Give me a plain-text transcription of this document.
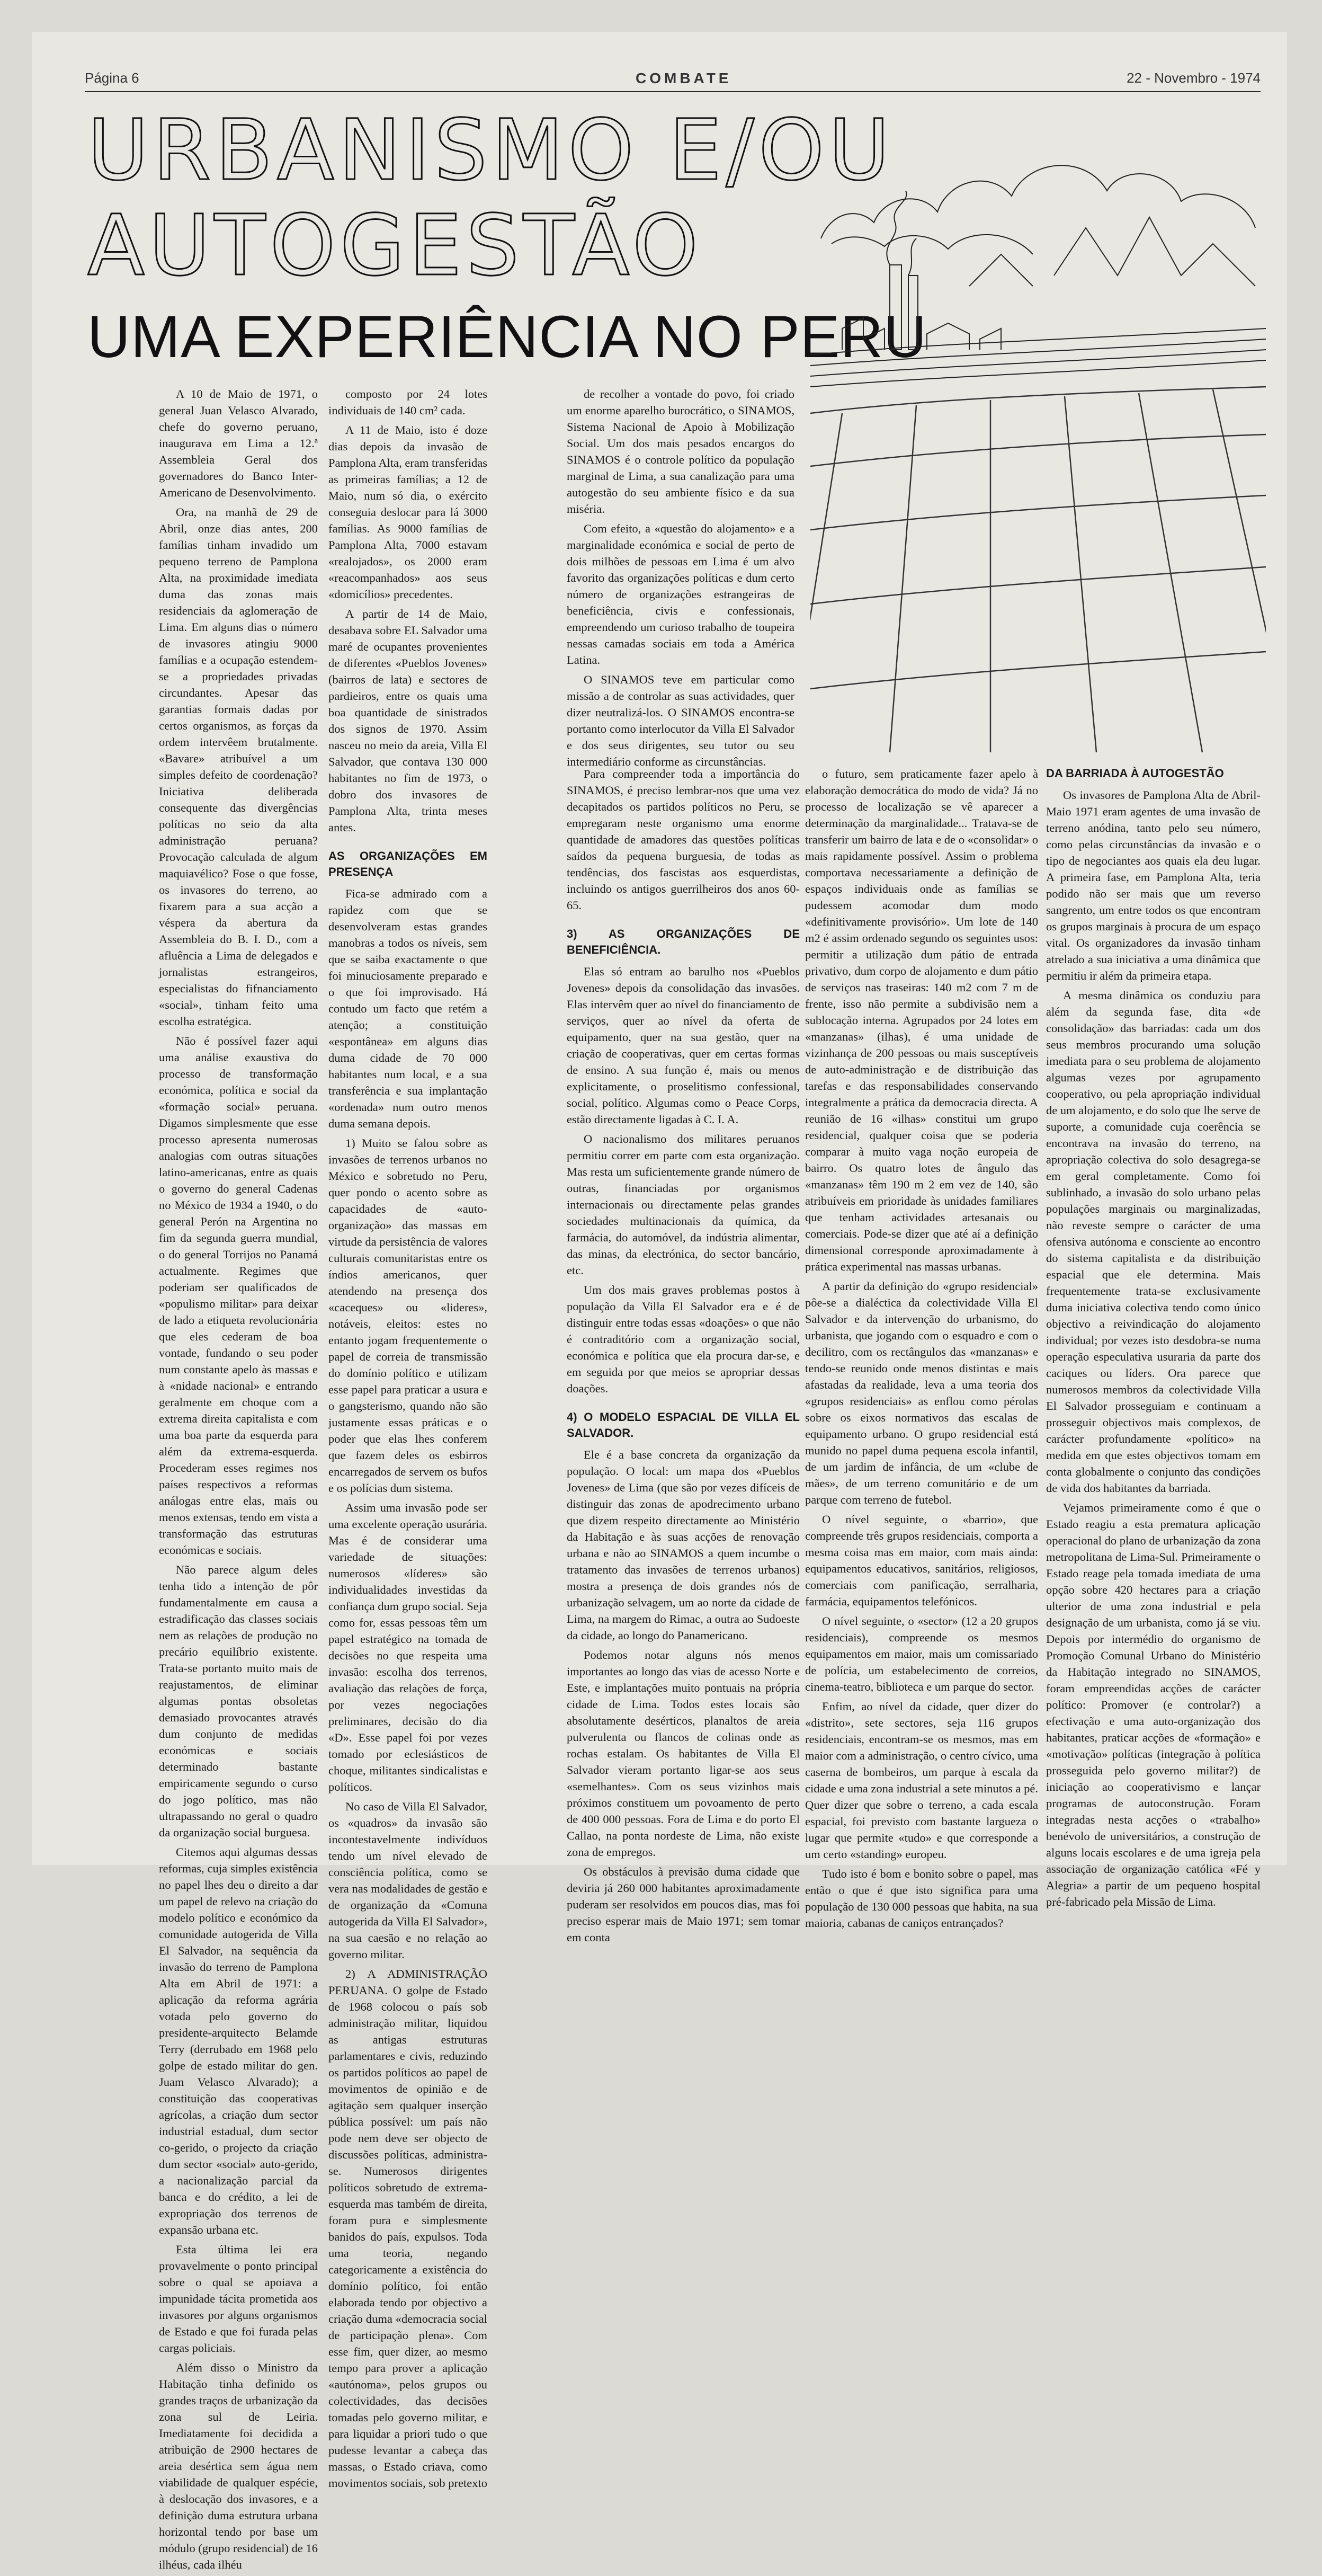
Página 6	COMBATE	22 - Novembro - 1974
URBANISMO E/OU
AUTOGESTÃO
UMA EXPERIÊNCIA NO PERU

A 10 de Maio de 1971, o general Juan Velasco Alvarado, chefe do governo peruano, inaugurava em Lima a 12.ª Assembleia Geral dos governadores do Banco Inter-Americano de Desenvolvimento.

Ora, na manhã de 29 de Abril, onze dias antes, 200 famílias tinham invadido um pequeno terreno de Pamplona Alta, na proximidade imediata duma das zonas mais residenciais da aglomeração de Lima. Em alguns dias o número de invasores atingiu 9000 famílias e a ocupação estendem-se a propriedades privadas circundantes. Apesar das garantias formais dadas por certos organismos, as forças da ordem intervêem brutalmente. «Bavare» atribuível a um simples defeito de coordenação? Iniciativa deliberada consequente das divergências políticas no seio da alta administração peruana? Provocação calculada de algum maquiavélico? Fose o que fosse, os invasores do terreno, ao fixarem para a sua acção a véspera da abertura da Assembleia do B. I. D., com a afluência a Lima de delegados e jornalistas estrangeiros, especialistas do fifnanciamento «social», tinham feito uma escolha estratégica.

Não é possível fazer aqui uma análise exaustiva do processo de transformação económica, política e social da «formação social» peruana. Digamos simplesmente que esse processo apresenta numerosas analogias com outras situações latino-americanas, entre as quais o governo do general Cadenas no México de 1934 a 1940, o do general Perón na Argentina no fim da segunda guerra mundial, o do general Torrijos no Panamá actualmente. Regimes que poderiam ser qualificados de «populismo militar» para deixar de lado a etiqueta revolucionária que eles cederam de boa vontade, fundando o seu poder num constante apelo às massas e à «nidade nacional» e entrando geralmente em choque com a extrema direita capitalista e com uma boa parte da esquerda para além da extrema-esquerda. Procederam esses regimes nos países respectivos a reformas análogas entre elas, mais ou menos extensas, tendo em vista a transformação das estruturas económicas e sociais.

Não parece algum deles tenha tido a intenção de pôr fundamentalmente em causa a estradificação das classes sociais nem as relações de produção no precário equilíbrio existente. Trata-se portanto muito mais de reajustamentos, de eliminar algumas pontas obsoletas demasiado provocantes através dum conjunto de medidas económicas e sociais determinado bastante empiricamente segundo o curso do jogo político, mas não ultrapassando no geral o quadro da organização social burguesa.

Citemos aqui algumas dessas reformas, cuja simples existência no papel lhes deu o direito a dar um papel de relevo na criação do modelo político e económico da comunidade autogerida de Villa El Salvador, na sequência da invasão do terreno de Pamplona Alta em Abril de 1971: a aplicação da reforma agrária votada pelo governo do presidente-arquitecto Belamde Terry (derrubado em 1968 pelo golpe de estado militar do gen. Juam Velasco Alvarado); a constituição das cooperativas agrícolas, a criação dum sector industrial estadual, dum sector co-gerido, o projecto da criação dum sector «social» auto-gerido, a nacionalização parcial da banca e do crédito, a lei de expropriação dos terrenos de expansão urbana etc.

Esta última lei era provavelmente o ponto principal sobre o qual se apoiava a impunidade tácita prometida aos invasores por alguns organismos de Estado e que foi furada pelas cargas policiais.

Além disso o Ministro da Habitação tinha definido os grandes traços de urbanização da zona sul de Leiria. Imediatamente foi decidida a atribuição de 2900 hectares de areia desértica sem água nem viabilidade de qualquer espécie, à deslocação dos invasores, e a definição duma estrutura urbana horizontal tendo por base um módulo (grupo residencial) de 16 ilhéus, cada ilhéu

composto por 24 lotes individuais de 140 cm² cada.

A 11 de Maio, isto é doze dias depois da invasão de Pamplona Alta, eram transferidas as primeiras famílias; a 12 de Maio, num só dia, o exército conseguia deslocar para lá 3000 famílias. As 9000 famílias de Pamplona Alta, 7000 estavam «realojados», os 2000 eram «reacompanhados» aos seus «domicílios» precedentes.

A partir de 14 de Maio, desabava sobre EL Salvador uma maré de ocupantes provenientes de diferentes «Pueblos Jovenes» (bairros de lata) e sectores de pardieiros, entre os quais uma boa quantidade de sinistrados dos signos de 1970. Assim nasceu no meio da areia, Villa El Salvador, que contava 130 000 habitantes no fim de 1973, o dobro dos invasores de Pamplona Alta, trinta meses antes.

AS ORGANIZAÇÕES EM PRESENÇA

Fica-se admirado com a rapidez com que se desenvolveram estas grandes manobras a todos os níveis, sem que se saiba exactamente o que foi minuciosamente preparado e o que foi improvisado. Há contudo um facto que retém a atenção; a constituição «espontânea» em alguns dias duma cidade de 70 000 habitantes num local, e a sua transferência e sua implantação «ordenada» num outro menos duma semana depois.

1) Muito se falou sobre as invasões de terrenos urbanos no México e sobretudo no Peru, quer pondo o acento sobre as capacidades de «auto-organização» das massas em virtude da persistência de valores culturais comunitaristas entre os índios americanos, quer atendendo na presença dos «caceques» ou «lideres», notáveis, eleitos: estes no entanto jogam frequentemente o papel de correia de transmissão do domínio político e utilizam esse papel para praticar a usura e o gangsterismo, quando não são justamente essas práticas e o poder que elas lhes conferem que fazem deles os esbirros encarregados de servem os bufos e os polícias dum sistema.

Assim uma invasão pode ser uma excelente operação usurária. Mas é de considerar uma variedade de situações: numerosos «líderes» são individualidades investidas da confiança dum grupo social. Seja como for, essas pessoas têm um papel estratégico na tomada de decisões no que respeita uma invasão: escolha dos terrenos, avaliação das relações de força, por vezes negociações preliminares, decisão do dia «D». Esse papel foi por vezes tomado por eclesiásticos de choque, militantes sindicalistas e políticos.

No caso de Villa El Salvador, os «quadros» da invasão são incontestavelmente indivíduos tendo um nível elevado de consciência política, como se vera nas modalidades de gestão e de organização da «Comuna autogerida da Villa El Salvador», na sua caesão e no relação ao governo militar.

2) A ADMINISTRAÇÃO PERUANA. O golpe de Estado de 1968 colocou o país sob administração militar, liquidou as antigas estruturas parlamentares e civis, reduzindo os partidos políticos ao papel de movimentos de opinião e de agitação sem qualquer inserção pública possível: um país não pode nem deve ser objecto de discussões políticas, administra- se. Numerosos dirigentes políticos sobretudo de extrema-esquerda mas também de direita, foram pura e simplesmente banidos do país, expulsos. Toda uma teoria, negando categoricamente a existência do domínio político, foi então elaborada tendo por objectivo a criação duma «democracia social de participação plena». Com esse fim, quer dizer, ao mesmo tempo para prover a aplicação «autónoma», pelos grupos ou colectividades, das decisões tomadas pelo governo militar, e para liquidar a priori tudo o que pudesse levantar a cabeça das massas, o Estado criava, como movimentos sociais, sob pretexto

de recolher a vontade do povo, foi criado um enorme aparelho burocrático, o SINAMOS, Sistema Nacional de Apoio à Mobilização Social. Um dos mais pesados encargos do SINAMOS é o controle político da população marginal de Lima, a sua canalização para uma autogestão do seu ambiente físico e da sua miséria.

Com efeito, a «questão do alojamento» e a marginalidade económica e social de perto de dois milhões de pessoas em Lima é um alvo favorito das organizações políticas e dum certo número de organizações estrangeiras de beneficiência, civis e confessionais, empreendendo um curioso trabalho de toupeira nessas camadas sociais em toda a América Latina.

O SINAMOS teve em particular como missão a de controlar as suas actividades, quer dizer neutralizá-los. O SINAMOS encontra-se portanto como interlocutor da Villa El Salvador e dos seus dirigentes, seu tutor ou seu intermediário conforme as circunstâncias.

Para compreender toda a importância do SINAMOS, é preciso lembrar-nos que uma vez decapitados os partidos políticos no Peru, se empregaram neste organismo uma enorme quantidade de amadores das questões políticas saídos da pequena burguesia, de todas as tendências, dos fascistas aos esquerdistas, incluindo os antigos guerrilheiros dos anos 60-65.

3) AS ORGANIZAÇÕES DE BENEFICIÊNCIA.

Elas só entram ao barulho nos «Pueblos Jovenes» depois da consolidação das invasões. Elas intervêm quer ao nível do financiamento de serviços, quer ao nível da oferta de equipamento, quer na sua gestão, quer na criação de cooperativas, quer em certas formas de ensino. A sua função é, mais ou menos explicitamente, o proselitismo confessional, social, político. Algumas como o Peace Corps, estão directamente ligadas à C. I. A.

O nacionalismo dos militares peruanos permitiu correr em parte com esta organização. Mas resta um suficientemente grande número de outras, financiadas por organismos internacionais ou directamente pelas grandes sociedades multinacionais da química, da farmácia, do automóvel, da indústria alimentar, das minas, da electrónica, do sector bancário, etc.

Um dos mais graves problemas postos à população da Villa El Salvador era e é de distinguir entre todas essas «doações» o que não é contraditório com a organização social, económica e política que ela procura dar-se, e em seguida por que meios se apropriar dessas doações.

4) O MODELO ESPACIAL DE VILLA EL SALVADOR.

Ele é a base concreta da organização da população. O local: um mapa dos «Pueblos Jovenes» de Lima (que são por vezes difíceis de distinguir das zonas de apodrecimento urbano que dizem respeito directamente ao Ministério da Habitação e às suas acções de renovação urbana e não ao SINAMOS a quem incumbe o tratamento das invasões de terrenos urbanos) mostra a presença de dois grandes nós de urbanização selvagem, um ao norte da cidade de Lima, na margem do Rimac, a outra ao Sudoeste da cidade, ao longo do Panamericano.

Podemos notar alguns nós menos importantes ao longo das vias de acesso Norte e Este, e implantações muito pontuais na própria cidade de Lima. Todos estes locais são absolutamente desérticos, planaltos de areia pulverulenta ou flancos de colinas onde as rochas estalam. Os habitantes de Villa El Salvador vieram portanto ligar-se aos seus «semelhantes». Com os seus vizinhos mais próximos constituem um povoamento de perto de 400 000 pessoas. Fora de Lima e do porto El Callao, na ponta nordeste de Lima, não existe zona de empregos.

Os obstáculos à previsão duma cidade que deviria já 260 000 habitantes aproximadamente puderam ser resolvidos em poucos dias, mas foi preciso esperar mais de Maio 1971; sem tomar em conta

o futuro, sem praticamente fazer apelo à elaboração democrática do modo de vida? Já no processo de localização se vê aparecer a determinação da marginalidade... Tratava-se de transferir um bairro de lata e de o «consolidar» o mais rapidamente possível. Assim o problema comportava necessariamente a definição de espaços individuais onde as famílias se pudessem acomodar dum modo «definitivamente provisório». Um lote de 140 m2 é assim ordenado segundo os seguintes usos: permitir a utilização dum pátio de entrada privativo, dum corpo de alojamento e dum pátio de serviços nas traseiras: 140 m2 com 7 m de frente, isso não permite a subdivisão nem a sublocação interna. Agrupados por 24 lotes em «manzanas» (ilhas), é uma unidade de vizinhança de 200 pessoas ou mais susceptíveis de auto-administração e de distribuição das tarefas e das responsabilidades conservando integralmente a prática da democracia directa. A reunião de 16 «ilhas» constitui um grupo residencial, qualquer coisa que se poderia comparar à muito vaga noção europeia de bairro. Os quatro lotes de ângulo das «manzanas» têm 190 m 2 em vez de 140, são atribuíveis em prioridade às unidades familiares que tenham actividades artesanais ou comerciais. Pode-se dizer que até aí a definição dimensional corresponde aproximadamente à prática experimental nas massas urbanas.

A partir da definição do «grupo residencial» pôe-se a dialéctica da colectividade Villa El Salvador e da intervenção do urbanismo, do urbanista, que jogando com o esquadro e com o decilitro, com os rectângulos das «manzanas» e tendo-se reunido onde menos distintas e mais afastadas da realidade, leva a uma teoria dos «grupos residenciais» as enflou como pérolas sobre os eixos normativos das escalas de equipamento urbano. O grupo residencial está munido no papel duma pequena escola infantil, de um jardim de infância, de um «clube de mães», de um terreno comunitário e de um parque com terreno de futebol.

O nível seguinte, o «barrio», que compreende três grupos residenciais, comporta a mesma coisa mas em maior, com mais ainda: equipamentos educativos, sanitários, religiosos, comerciais com panificação, serralharia, farmácia, equipamentos telefónicos.

O nível seguinte, o «sector» (12 a 20 grupos residenciais), compreende os mesmos equipamentos em maior, mais um comissariado de polícia, um estabelecimento de correios, cinema-teatro, biblioteca e um parque do sector.

Enfim, ao nível da cidade, quer dizer do «distrito», sete sectores, seja 116 grupos residenciais, encontram-se os mesmos, mas em maior com a administração, o centro cívico, uma caserna de bombeiros, um parque à escala da cidade e uma zona industrial a sete minutos a pé. Quer dizer que sobre o terreno, a cada escala espacial, foi previsto com bastante largueza o lugar que permite «tudo» e que corresponde a um certo «standing» europeu.

Tudo isto é bom e bonito sobre o papel, mas então o que é que isto significa para uma população de 130 000 pessoas que habita, na sua maioria, cabanas de caniços entrançados?

DA BARRIADA À AUTOGESTÃO

Os invasores de Pamplona Alta de Abril-Maio 1971 eram agentes de uma invasão de terreno anódina, tanto pelo seu número, como pelas circunstâncias da invasão e o tipo de negociantes aos quais ela deu lugar. A primeira fase, em Pamplona Alta, teria podido não ser mais que um reverso sangrento, um entre todos os que encontram os grupos marginais à procura de um espaço vital. Os organizadores da invasão tinham atrelado a sua iniciativa a uma dinâmica que permitiu ir além da primeira etapa.

A mesma dinâmica os conduziu para além da segunda fase, dita «de consolidação» das barriadas: cada um dos seus membros procurando uma solução imediata para o seu problema de alojamento algumas vezes por agrupamento cooperativo, ou pela apropriação individual de um alojamento, e do solo que lhe serve de suporte, a comunidade cuja coerência se encontrava na invasão do terreno, na apropriação colectiva do solo desagrega-se em geral completamente. Como foi sublinhado, a invasão do solo urbano pelas populações marginais ou marginalizadas, não reveste sempre o carácter de uma ofensiva autónoma e consciente ao encontro do sistema capitalista e da distribuição espacial que ele determina. Mais frequentemente trata-se exclusivamente duma iniciativa colectiva tendo como único objectivo a reivindicação do alojamento individual; por vezes isto desdobra-se numa operação especulativa usuraria da parte dos caciques ou líders. Ora parece que numerosos membros da colectividade Villa El Salvador prosseguiam e continuam a prosseguir objectivos mais complexos, de carácter profundamente «político» na medida em que estes objectivos tomam em conta globalmente o conjunto das condições de vida dos habitantes da barriada.

Vejamos primeiramente como é que o Estado reagiu a esta prematura aplicação operacional do plano de urbanização da zona metropolitana de Lima-Sul. Primeiramente o Estado reage pela tomada imediata de uma opção sobre 420 hectares para a criação ulterior de uma zona industrial e pela designação de um urbanista, como já se viu. Depois por intermédio do organismo de Promoção Comunal Urbano do Ministério da Habitação integrado no SINAMOS, foram empreendidas acções de carácter político: Promover (e controlar?) a efectivação e uma auto-organização dos habitantes, praticar acções de «formação» e «motivação» políticas (integração à política prosseguida pelo governo militar?) de iniciação ao cooperativismo e lançar programas de autoconstrução. Foram integradas nesta acções o «trabalho» benévolo de universitários, a construção de alguns locais escolares e de uma igreja pela associação de organização católica «Fé y Alegria» a partir de um pequeno hospital pré-fabricado pela Missão de Lima.
